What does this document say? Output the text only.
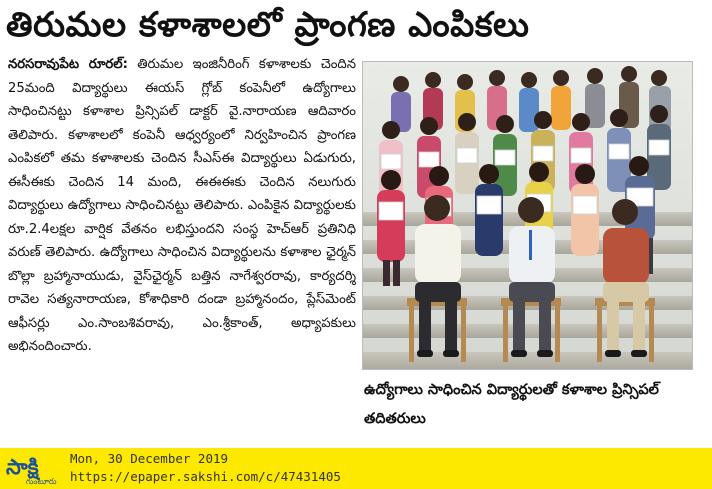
తిరుమల కళాశాలలో ప్రాంగణ ఎంపికలు
నరసరావుపేట రూరల్: తిరుమల ఇంజినీరింగ్ కళాశాలకు చెందిన 25మంది విద్యార్థులు ఈయస్ గ్లోబ్ కంపెనీలో ఉద్యోగాలు సాధించినట్టు కళాశాల ప్రిన్సిపల్ డాక్టర్ వై.నారాయణ ఆదివారం తెలిపారు. కళాశాలలో కంపెనీ ఆధ్వర్యంలో నిర్వహించిన ప్రాంగణ ఎంపికలో తమ కళాశాలకు చెందిన సీఎస్ఈ విద్యార్థులు ఏడుగురు, ఈసీఈకు చెందిన 14 మంది, ఈఈఈకు చెందిన నలుగురు విద్యార్థులు ఉద్యోగాలు సాధించినట్టు తెలిపారు. ఎంపికైన విద్యార్థులకు రూ.2.4లక్షల వార్షిక వేతనం లభిస్తుందని సంస్థ హెచ్ఆర్ ప్రతినిధి వరుణ్ తెలిపారు. ఉద్యోగాలు సాధించిన విద్యార్థులను కళాశాల ఛైర్మన్ బొల్లా బ్రహ్మానాయుడు, వైస్‌ఛైర్మన్ బత్తిన నాగేశ్వరరావు, కార్యదర్శి రావెల సత్యనారాయణ, కోశాధికారి దండా బ్రహ్మానందం, ప్లేస్‌మెంట్ ఆఫీసర్లు ఎం.సాంబశివరావు, ఎం.శ్రీకాంత్, అధ్యాపకులు అభినందించారు.
ఉద్యోగాలు సాధించిన విద్యార్థులతో కళాశాల ప్రిన్సిపల్ తదితరులు
సాక్షి
గుంటూరు
Mon, 30 December 2019
https://epaper.sakshi.com/c/47431405
